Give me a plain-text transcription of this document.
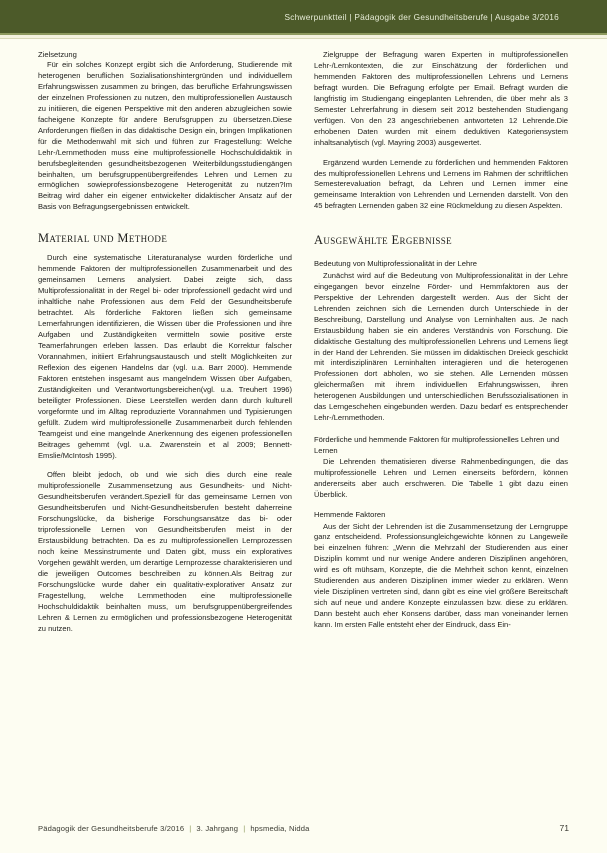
Schwerpunktteil | Pädagogik der Gesundheitsberufe | Ausgabe 3/2016
Zielsetzung

Für ein solches Konzept ergibt sich die Anforderung, Studierende mit heterogenen beruflichen Sozialisationshintergründen und individuellem Erfahrungswissen zusammen zu bringen, das berufliche Erfahrungswissen der einzelnen Professionen zu nutzen, den multiprofessionellen Austausch zu initiieren, die eigenen Perspektive mit den anderen abzugleichen sowie facheigene Konzepte für andere Berufsgruppen zu übersetzen.Diese Anforderungen fließen in das didaktische Design ein, bringen Implikationen für die Methodenwahl mit sich und führen zur Fragestellung: Welche Lehr-/Lernmethoden muss eine multiprofessionelle Hochschuldidaktik in berufsbegleitenden gesundheitsbezogenen Weiterbildungsstudiengängen beinhalten, um berufsgruppenübergreifendes Lehren und Lernen zu ermöglichen sowieprofessionsbezogene Heterogenität zu nutzen?Im Beitrag wird daher ein eigener entwickelter didaktischer Ansatz auf der Basis von Befragungsergebnissen entwickelt.

Material und Methode

Durch eine systematische Literaturanalyse wurden förderliche und hemmende Faktoren der multiprofessionellen Zusammenarbeit und des gemeinsamen Lernens analysiert. Dabei zeigte sich, dass Multiprofessionalität in der Regel bi- oder triprofessionell gedacht wird und inhaltliche nahe Professionen aus dem Feld der Gesundheitsberufe betrachtet. Als förderliche Faktoren ließen sich gemeinsame Lernerfahrungen identifizieren, die Wissen über die Professionen und ihre Aufgaben und Zuständigkeiten vermitteln sowie positive erste Teamerfahrungen erleben lassen. Das erlaubt die Korrektur falscher Vorannahmen, initiiert Erfahrungsaustausch und stellt Möglichkeiten zur Reflexion des eigenen Handelns dar (vgl. u.a. Barr 2000). Hemmende Faktoren entstehen insgesamt aus mangelndem Wissen über Aufgaben, Zuständigkeiten und Verantwortungsbereichen(vgl. u.a. Treuhert 1996) beteiligter Professionen. Diese Leerstellen werden dann durch kulturell vorgeformte und im Alltag reproduzierte Vorannahmen und Typisierungen gefüllt. Zudem wird multiprofessionelle Zusammenarbeit durch fehlenden Teamgeist und eine mangelnde Anerkennung des eigenen professionellen Beitrages gehemmt (vgl. u.a. Zwarenstein et al 2009; Bennett-Emslie/McIntosh 1995).

Offen bleibt jedoch, ob und wie sich dies durch eine reale multiprofessionelle Zusammensetzung aus Gesundheits- und Nicht-Gesundheitsberufen verändert.Speziell für das gemeinsame Lernen von Gesundheitsberufen und Nicht-Gesundheitsberufen besteht daherreine Forschungslücke, da bisherige Forschungsansätze das bi- oder triprofessionelle Lernen von Gesundheitsberufen meist in der Erstausbildung betrachten. Da es zu multiprofessionellen Lernprozessen noch keine Messinstrumente und Daten gibt, muss ein exploratives Vorgehen gewählt werden, um derartige Lernprozesse charakterisieren und die jeweiligen Outcomes beschreiben zu können.Als Beitrag zur Forschungslücke wurde daher ein qualitativ-explorativer Ansatz zur Fragestellung, welche Lernmethoden eine multiprofessionelle Hochschuldidaktik beinhalten muss, um berufsgruppenübergreifendes Lehren & Lernen zu ermöglichen und professionsbezogene Heterogenität zu nutzen.

Zielgruppe der Befragung waren Experten in multiprofessionellen Lehr-/Lernkontexten, die zur Einschätzung der förderlichen und hemmenden Faktoren des multiprofessionellen Lehrens und Lernens befragt wurden. Die Befragung erfolgte per Email. Befragt wurden die langfristig im Studiengang eingeplanten Lehrenden, die über mehr als 3 Semester Lehrerfahrung in diesem seit 2012 bestehenden Studiengang verfügen. Von den 23 angeschriebenen antworteten 12 Lehrende.Die erhobenen Daten wurden mit einem deduktiven Kategoriensystem inhaltsanalytisch (vgl. Mayring 2003) ausgewertet.

Ergänzend wurden Lernende zu förderlichen und hemmenden Faktoren des multiprofessionellen Lehrens und Lernens im Rahmen der schriftlichen Semesterevaluation befragt, da Lehren und Lernen immer eine gemeinsame Interaktion von Lehrenden und Lernenden darstellt. Von den 45 befragten Lernenden gaben 32 eine Rückmeldung zu diesen Aspekten.

Ausgewählte Ergebnisse
Bedeutung von Multiprofessionalität in der Lehre

Zunächst wird auf die Bedeutung von Multiprofessionalität in der Lehre eingegangen bevor einzelne Förder- und Hemmfaktoren aus der Perspektive der Lehrenden dargestellt werden. Aus der Sicht der Lehrenden zeichnen sich die Lernenden durch Unterschiede in der Beschreibung, Darstellung und Analyse von Lerninhalten aus. Je nach Erstausbildung haben sie ein anderes Verständnis von Forschung. Die didaktische Gestaltung des multiprofessionellen Lehrens und Lernens liegt in der Hand der Lehrenden. Sie müssen im didaktischen Dreieck geschickt mit interdisziplinären Lerninhalten interagieren und die heterogenen Professionen dort abholen, wo sie stehen. Alle Lernenden müssen gleichermaßen mit ihrem individuellen Erfahrungswissen, ihren heterogenen Ausbildungen und unterschiedlichen Berufssozialisationen in das Lerngeschehen eingebunden werden. Dazu bedarf es entsprechender Lehr-/Lernmethoden.

Förderliche und hemmende Faktoren für multiprofessionelles Lehren und Lernen

Die Lehrenden thematisieren diverse Rahmenbedingungen, die das multiprofessionelle Lehren und Lernen einerseits befördern, können andererseits aber auch erschweren. Die Tabelle 1 gibt dazu einen Überblick.

Hemmende Faktoren

Aus der Sicht der Lehrenden ist die Zusammensetzung der Lerngruppe ganz entscheidend. Professionsungleichgewichte können zu Langeweile bei einzelnen führen: „Wenn die Mehrzahl der Studierenden aus einer Disziplin kommt und nur wenige Andere anderen Disziplinen angehören, wird es oft mühsam, Konzepte, die die Mehrheit schon kennt, einzelnen Studierenden aus anderen Disziplinen immer wieder zu erklären. Wenn viele Disziplinen vertreten sind, dann gibt es eine viel größere Bereitschaft sich auf neue und andere Konzepte einzulassen bzw. diese zu erklären. Dann besteht auch eher Konsens darüber, dass man voneinander lernen kann. Im ersten Falle entsteht eher der Eindruck, dass Ein-

Pädagogik der Gesundheitsberufe 3/2016 | 3. Jahrgang | hpsmedia, Nidda	71
